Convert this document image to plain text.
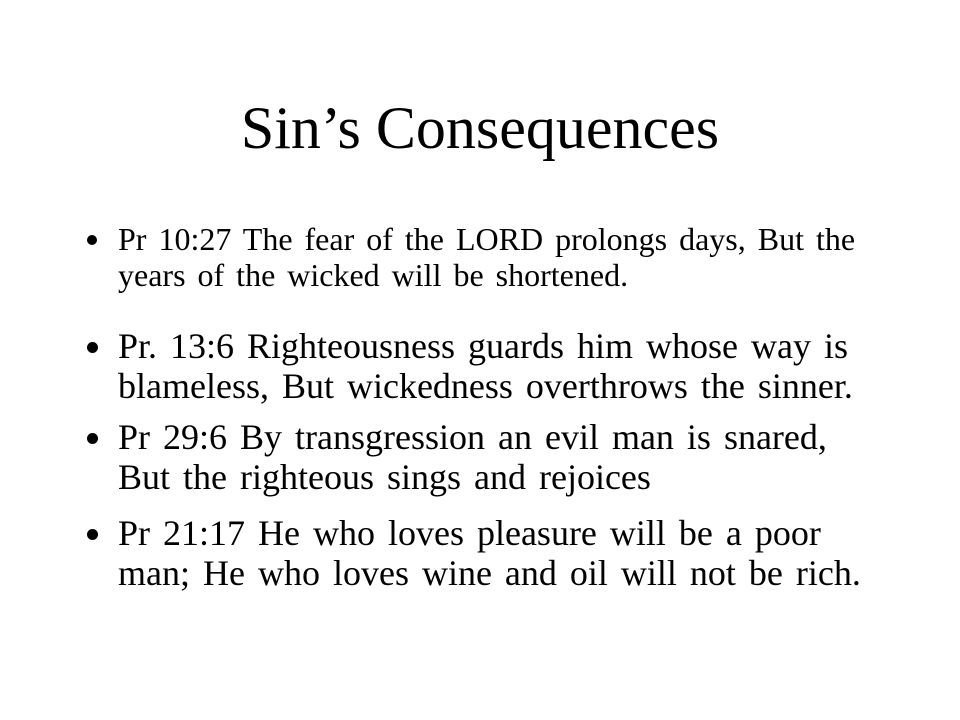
Sin’s Consequences
Pr 10:27 The fear of the LORD prolongs days, But the
years of the wicked will be shortened.
Pr. 13:6 Righteousness guards him whose way is
blameless, But wickedness overthrows the sinner.
Pr 29:6 By transgression an evil man is snared,
But the righteous sings and rejoices
Pr 21:17 He who loves pleasure will be a poor
man; He who loves wine and oil will not be rich.
